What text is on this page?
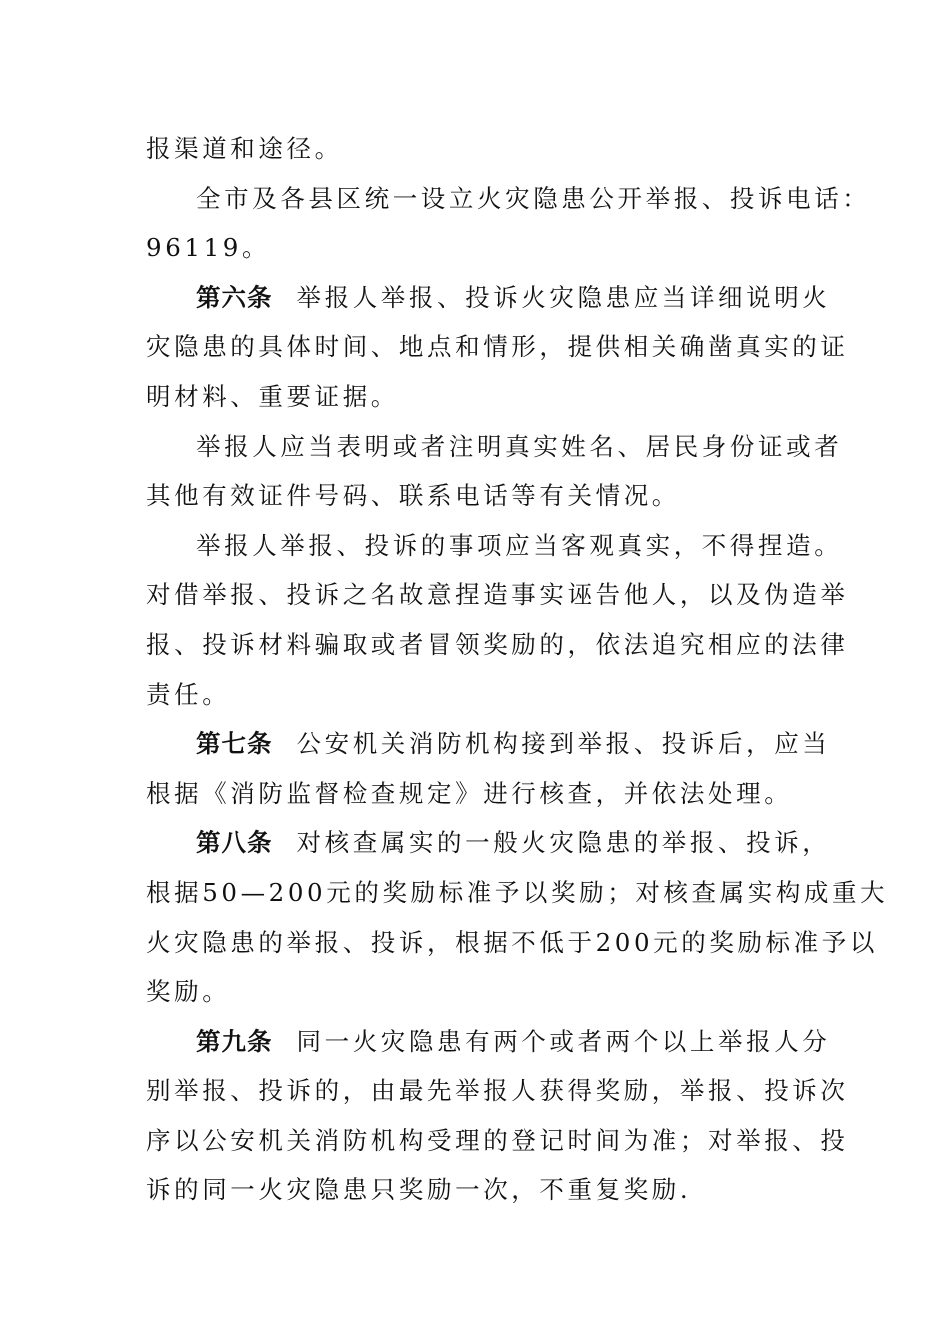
报渠道和途径。
全市及各县区统一设立火灾隐患公开举报、投诉电话：
96119。
第六条 举报人举报、投诉火灾隐患应当详细说明火
灾隐患的具体时间、地点和情形，提供相关确凿真实的证
明材料、重要证据。
举报人应当表明或者注明真实姓名、居民身份证或者
其他有效证件号码、联系电话等有关情况。
举报人举报、投诉的事项应当客观真实，不得捏造。
对借举报、投诉之名故意捏造事实诬告他人，以及伪造举
报、投诉材料骗取或者冒领奖励的，依法追究相应的法律
责任。
第七条 公安机关消防机构接到举报、投诉后，应当
根据《消防监督检查规定》进行核查，并依法处理。
第八条 对核查属实的一般火灾隐患的举报、投诉，
根据50—200元的奖励标准予以奖励；对核查属实构成重大
火灾隐患的举报、投诉，根据不低于200元的奖励标准予以
奖励。
第九条 同一火灾隐患有两个或者两个以上举报人分
别举报、投诉的，由最先举报人获得奖励，举报、投诉次
序以公安机关消防机构受理的登记时间为准；对举报、投
诉的同一火灾隐患只奖励一次，不重复奖励.
